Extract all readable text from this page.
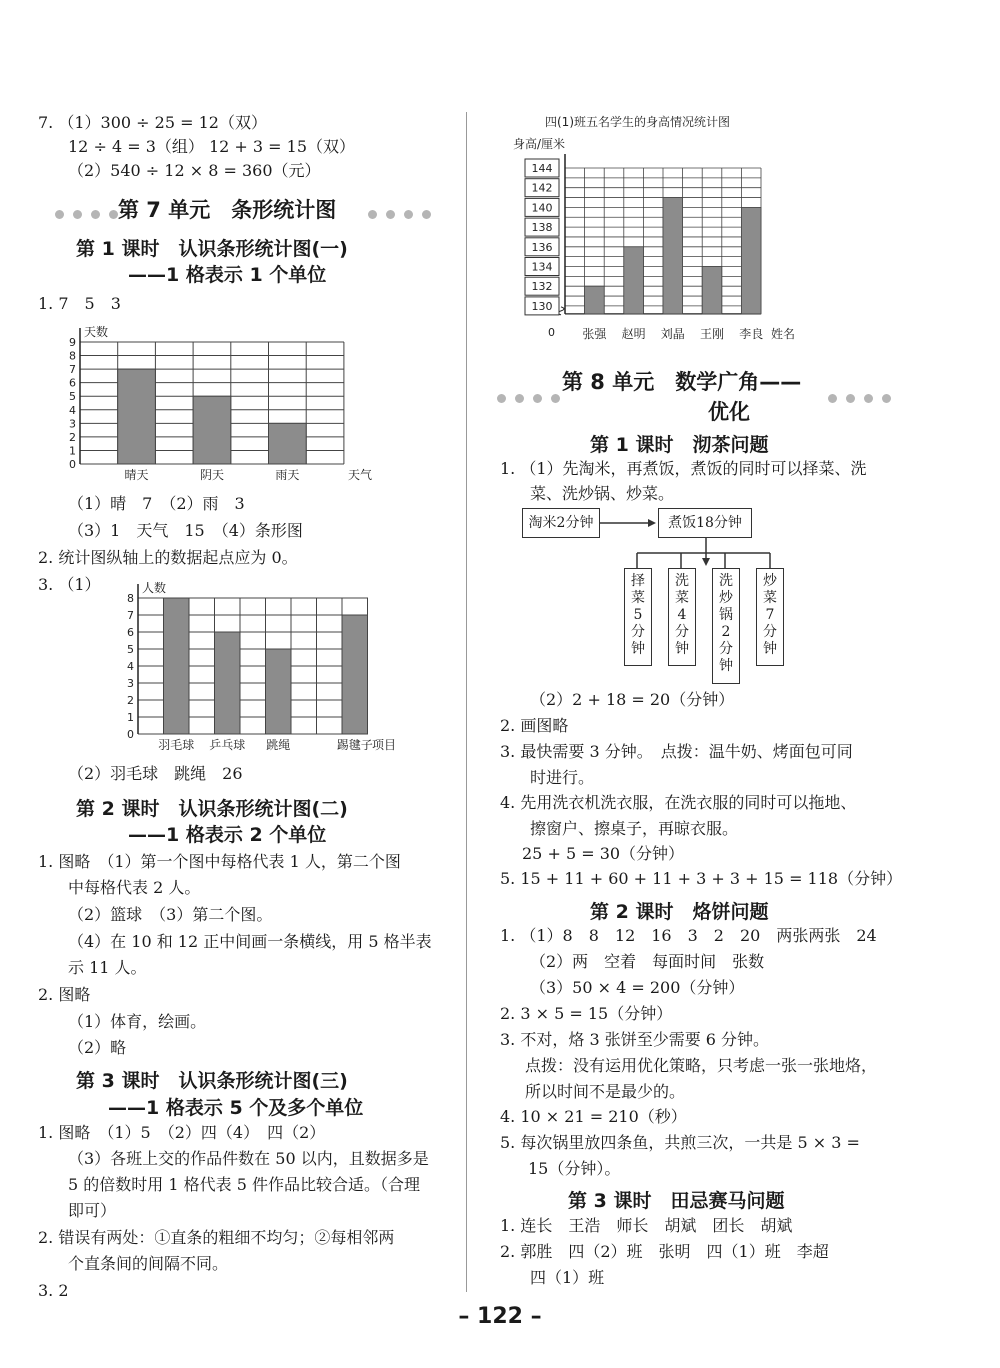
7. （1）300 ÷ 25 = 12（双）
12 ÷ 4 = 3（组） 12 + 3 = 15（双）
（2）540 ÷ 12 × 8 = 360（元）
第 7 单元　条形统计图
第 1 课时　认识条形统计图(一)
——1 格表示 1 个单位
1. 7　5　3
0
1
2
3
4
5
6
7
8
9
晴天	阴天	雨天
天数
天气
（1）晴　7　（2）雨　3
（3）1　天气　15　（4）条形图
2. 统计图纵轴上的数据起点应为 0。
3. （1）
0
1
2
3
4
5
6
7
8
羽毛球 乒乓球 跳绳	踢毽子
人数
项目
（2）羽毛球　跳绳　26
第 2 课时　认识条形统计图(二)
——1 格表示 2 个单位
1. 图略　（1）第一个图中每格代表 1 人，第二个图
中每格代表 2 人。
（2）篮球　（3）第二个图。
（4）在 10 和 12 正中间画一条横线，用 5 格半表
示 11 人。
2. 图略
（1）体育，绘画。
（2）略
第 3 课时　认识条形统计图(三)
——1 格表示 5 个及多个单位
1. 图略　（1）5　（2）四（4）　四（2）
（3）各班上交的作品件数在 50 以内，且数据多是
5 的倍数时用 1 格代表 5 件作品比较合适。（合理
即可）
2. 错误有两处：①直条的粗细不均匀；②每相邻两
个直条间的间隔不同。
3. 2
四(1)班五名学生的身高情况统计图
身高/厘米
130
132
134
136
138
140
142
144
0 张强 赵明 刘晶 王刚 李良 姓名
第 8 单元　数学广角——
优化
第 1 课时　沏茶问题
1. （1）先淘米，再煮饭，煮饭的同时可以择菜、洗
菜、洗炒锅、炒菜。
淘米2分钟	煮饭18分钟
择
菜
5
分
钟
洗
菜
4
分
钟
洗
炒
锅
2
分
钟
炒
菜
7
分
钟
（2）2 + 18 = 20（分钟）
2. 画图略
3. 最快需要 3 分钟。　点拨：温牛奶、烤面包可同
时进行。
4. 先用洗衣机洗衣服，在洗衣服的同时可以拖地、
擦窗户、擦桌子，再晾衣服。
25 + 5 = 30（分钟）
5. 15 + 11 + 60 + 11 + 3 + 3 + 15 = 118（分钟）
第 2 课时　烙饼问题
1. （1）8　8　12　16　3　2　20　两张两张　24
（2）两　空着　每面时间　张数
（3）50 × 4 = 200（分钟）
2. 3 × 5 = 15（分钟）
3. 不对，烙 3 张饼至少需要 6 分钟。
点拨：没有运用优化策略，只考虑一张一张地烙，
所以时间不是最少的。
4. 10 × 21 = 210（秒）
5. 每次锅里放四条鱼，共煎三次，一共是 5 × 3 =
15（分钟）。
第 3 课时　田忌赛马问题
1. 连长　王浩　师长　胡斌　团长　胡斌
2. 郭胜　四（2）班　张明　四（1）班　李超
四（1）班
– 122 –
